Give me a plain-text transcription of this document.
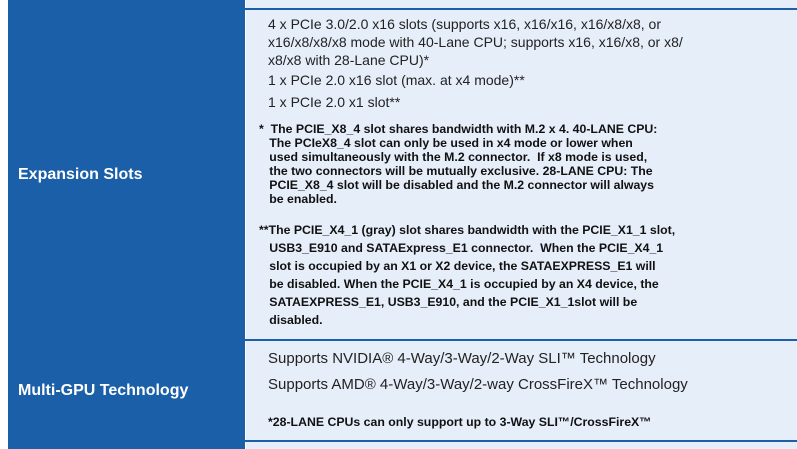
Expansion Slots
4 x PCIe 3.0/2.0 x16 slots (supports x16, x16/x16, x16/x8/x8, or
x16/x8/x8/x8 mode with 40-Lane CPU; supports x16, x16/x8, or x8/
x8/x8 with 28-Lane CPU)*
1 x PCIe 2.0 x16 slot (max. at x4 mode)**
1 x PCIe 2.0 x1 slot**
*  The PCIE_X8_4 slot shares bandwidth with M.2 x 4. 40-LANE CPU:
The PCIeX8_4 slot can only be used in x4 mode or lower when
used simultaneously with the M.2 connector.  If x8 mode is used,
the two connectors will be mutually exclusive. 28-LANE CPU: The
PCIE_X8_4 slot will be disabled and the M.2 connector will always
be enabled.
**The PCIE_X4_1 (gray) slot shares bandwidth with the PCIE_X1_1 slot,
USB3_E910 and SATAExpress_E1 connector.  When the PCIE_X4_1
slot is occupied by an X1 or X2 device, the SATAEXPRESS_E1 will
be disabled. When the PCIE_X4_1 is occupied by an X4 device, the
SATAEXPRESS_E1, USB3_E910, and the PCIE_X1_1slot will be
disabled.
Multi-GPU Technology
Supports NVIDIA® 4-Way/3-Way/2-Way SLI™ Technology
Supports AMD® 4-Way/3-Way/2-way CrossFireX™ Technology
*28-LANE CPUs can only support up to 3-Way SLI™/CrossFireX™
